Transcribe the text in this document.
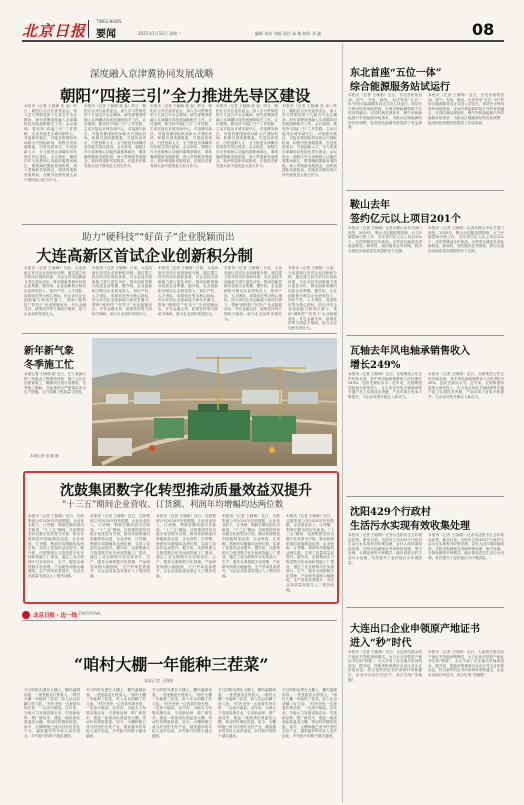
北京日报
TIMES NEWS
要闻	2021年1月12日 星期二	编辑 刘东 刘媛 责任 朱 敏 制作 刘 鑫	08
深度融入京津冀协同发展战略
朝阳“四接三引”全力推进先导区建设
本报讯（记者 王晓萌 张 炎）昨日，朝阳区召开区委常委会，深入学习贯彻党的十九届五中全会精神，研究部署深度融入京津冀协同发展战略相关工作。会议强调，要坚持“四接三引”工作思路，主动对接北京城市副中心，对接雄安新区，对接首都国际机场和大兴国际机场，积极引进高端要素，引进优质项目，引进创新人才，全力推进京津冀协同发展先导区建设。会议指出，朝阳区作为首都核心功能的重要承载区，要准确把握新发展阶段，深入贯彻新发展理念，加快构建新发展格局，在服务首都发展大局中展现更大担当作为。
本报讯（记者 王晓萌 张 炎）昨日，朝阳区召开区委常委会，深入学习贯彻党的十九届五中全会精神，研究部署深度融入京津冀协同发展战略相关工作。会议强调，要坚持“四接三引”工作思路，主动对接北京城市副中心，对接雄安新区，对接首都国际机场和大兴国际机场，积极引进高端要素，引进优质项目，引进创新人才，全力推进京津冀协同发展先导区建设。会议指出，朝阳区作为首都核心功能的重要承载区，要准确把握新发展阶段，深入贯彻新发展理念，加快构建新发展格局，在服务首都发展大局中展现更大担当作为。
本报讯（记者 王晓萌 张 炎）昨日，朝阳区召开区委常委会，深入学习贯彻党的十九届五中全会精神，研究部署深度融入京津冀协同发展战略相关工作。会议强调，要坚持“四接三引”工作思路，主动对接北京城市副中心，对接雄安新区，对接首都国际机场和大兴国际机场，积极引进高端要素，引进优质项目，引进创新人才，全力推进京津冀协同发展先导区建设。会议指出，朝阳区作为首都核心功能的重要承载区，要准确把握新发展阶段，深入贯彻新发展理念，加快构建新发展格局，在服务首都发展大局中展现更大担当作为。
本报讯（记者 王晓萌 张 炎）昨日，朝阳区召开区委常委会，深入学习贯彻党的十九届五中全会精神，研究部署深度融入京津冀协同发展战略相关工作。会议强调，要坚持“四接三引”工作思路，主动对接北京城市副中心，对接雄安新区，对接首都国际机场和大兴国际机场，积极引进高端要素，引进优质项目，引进创新人才，全力推进京津冀协同发展先导区建设。会议指出，朝阳区作为首都核心功能的重要承载区，要准确把握新发展阶段，深入贯彻新发展理念，加快构建新发展格局，在服务首都发展大局中展现更大担当作为。
本报讯（记者 王晓萌 张 炎）昨日，朝阳区召开区委常委会，深入学习贯彻党的十九届五中全会精神，研究部署深度融入京津冀协同发展战略相关工作。会议强调，要坚持“四接三引”工作思路，主动对接北京城市副中心，对接雄安新区，对接首都国际机场和大兴国际机场，积极引进高端要素，引进优质项目，引进创新人才，全力推进京津冀协同发展先导区建设。会议指出，朝阳区作为首都核心功能的重要承载区，要准确把握新发展阶段，深入贯彻新发展理念，加快构建新发展格局，在服务首都发展大局中展现更大担当作为。
助力“硬科技”“好苗子”企业脱颖而出
大连高新区首试企业创新积分制
本报讯（记者 王晓萌）日前，大连高新区首试企业创新积分制，通过建立科学的评价指标体系，对企业技术创新能力进行量化评价，推动创新资源向优质企业集聚。据介绍，企业创新积分制以企业研发投入、知识产权、人才团队、成果转化等为核心指标，综合评估企业创新能力和成长潜力，帮助“硬科技”“好苗子”企业脱颖而出，并在金融支持、政策扶持等方面给予倾斜，助力企业加快发展壮大。
本报讯（记者 王晓萌）日前，大连高新区首试企业创新积分制，通过建立科学的评价指标体系，对企业技术创新能力进行量化评价，推动创新资源向优质企业集聚。据介绍，企业创新积分制以企业研发投入、知识产权、人才团队、成果转化等为核心指标，综合评估企业创新能力和成长潜力，帮助“硬科技”“好苗子”企业脱颖而出，并在金融支持、政策扶持等方面给予倾斜，助力企业加快发展壮大。
本报讯（记者 王晓萌）日前，大连高新区首试企业创新积分制，通过建立科学的评价指标体系，对企业技术创新能力进行量化评价，推动创新资源向优质企业集聚。据介绍，企业创新积分制以企业研发投入、知识产权、人才团队、成果转化等为核心指标，综合评估企业创新能力和成长潜力，帮助“硬科技”“好苗子”企业脱颖而出，并在金融支持、政策扶持等方面给予倾斜，助力企业加快发展壮大。
本报讯（记者 王晓萌）日前，大连高新区首试企业创新积分制，通过建立科学的评价指标体系，对企业技术创新能力进行量化评价，推动创新资源向优质企业集聚。据介绍，企业创新积分制以企业研发投入、知识产权、人才团队、成果转化等为核心指标，综合评估企业创新能力和成长潜力，帮助“硬科技”“好苗子”企业脱颖而出，并在金融支持、政策扶持等方面给予倾斜，助力企业加快发展壮大。
本报讯（记者 王晓萌）日前，大连高新区首试企业创新积分制，通过建立科学的评价指标体系，对企业技术创新能力进行量化评价，推动创新资源向优质企业集聚。据介绍，企业创新积分制以企业研发投入、知识产权、人才团队、成果转化等为核心指标，综合评估企业创新能力和成长潜力，帮助“硬科技”“好苗子”企业脱颖而出，并在金融支持、政策扶持等方面给予倾斜，助力企业加快发展壮大。
新年新气象
冬季施工忙
本报记者 王晓萌 摄 近日，位于某新区的一项重点工程建设现场，施工人员正在抓紧施工，确保项目按计划推进。冬季施工期间，各参建单位严格落实安全生产措施，全力保障工程质量与进度。
本报记者 刘 斌 摄
沈鼓集团数字化转型推动质量效益双提升
“十三五”期间企业营收、订货额、利润年均增幅均达两位数
本报讯（记者 王晓萌）近日，沈鼓集团公布2020年经营数据，企业营业收入、订货额、利润总额均创历史新高。“十三五”期间，沈鼓集团坚持以数字化转型为引领，推动传统制造向智能制造迈进，企业营收、订货额、利润年均增幅均达两位数，实现了质量效益双提升。据介绍，沈鼓集团大力推进数字化车间和智能工厂建设，通过工业互联网平台实现设计、生产、服务全流程数字化管理，产品研发周期大幅缩短，生产效率显著提升，为企业高质量发展注入了强劲动能。
本报讯（记者 王晓萌）近日，沈鼓集团公布2020年经营数据，企业营业收入、订货额、利润总额均创历史新高。“十三五”期间，沈鼓集团坚持以数字化转型为引领，推动传统制造向智能制造迈进，企业营收、订货额、利润年均增幅均达两位数，实现了质量效益双提升。据介绍，沈鼓集团大力推进数字化车间和智能工厂建设，通过工业互联网平台实现设计、生产、服务全流程数字化管理，产品研发周期大幅缩短，生产效率显著提升，为企业高质量发展注入了强劲动能。
本报讯（记者 王晓萌）近日，沈鼓集团公布2020年经营数据，企业营业收入、订货额、利润总额均创历史新高。“十三五”期间，沈鼓集团坚持以数字化转型为引领，推动传统制造向智能制造迈进，企业营收、订货额、利润年均增幅均达两位数，实现了质量效益双提升。据介绍，沈鼓集团大力推进数字化车间和智能工厂建设，通过工业互联网平台实现设计、生产、服务全流程数字化管理，产品研发周期大幅缩短，生产效率显著提升，为企业高质量发展注入了强劲动能。
本报讯（记者 王晓萌）近日，沈鼓集团公布2020年经营数据，企业营业收入、订货额、利润总额均创历史新高。“十三五”期间，沈鼓集团坚持以数字化转型为引领，推动传统制造向智能制造迈进，企业营收、订货额、利润年均增幅均达两位数，实现了质量效益双提升。据介绍，沈鼓集团大力推进数字化车间和智能工厂建设，通过工业互联网平台实现设计、生产、服务全流程数字化管理，产品研发周期大幅缩短，生产效率显著提升，为企业高质量发展注入了强劲动能。
本报讯（记者 王晓萌）近日，沈鼓集团公布2020年经营数据，企业营业收入、订货额、利润总额均创历史新高。“十三五”期间，沈鼓集团坚持以数字化转型为引领，推动传统制造向智能制造迈进，企业营收、订货额、利润年均增幅均达两位数，实现了质量效益双提升。据介绍，沈鼓集团大力推进数字化车间和智能工厂建设，通过工业互联网平台实现设计、生产、服务全流程数字化管理，产品研发周期大幅缩短，生产效率显著提升，为企业高质量发展注入了强劲动能。
北京日报・边一线 ZAIYIXIAN
“咱村大棚一年能种三茬菜”
本报记者 王晓萌
冬日的阳光洒在大棚上，棚内温暖如春，一垄垄蔬菜长势喜人。“咱村大棚一年能种三茬菜，收入比以前翻了好几倍。”村民老张一边查看作物长势，一边高兴地说。近年来，当地大力发展设施农业，引进新品种、推广新技术，建起一座座高标准温室大棚，带动村民增收致富。如今，大棚种植已成为村里的支柱产业，越来越多的年轻人返乡创业，乡村振兴的路子越走越宽。
冬日的阳光洒在大棚上，棚内温暖如春，一垄垄蔬菜长势喜人。“咱村大棚一年能种三茬菜，收入比以前翻了好几倍。”村民老张一边查看作物长势，一边高兴地说。近年来，当地大力发展设施农业，引进新品种、推广新技术，建起一座座高标准温室大棚，带动村民增收致富。如今，大棚种植已成为村里的支柱产业，越来越多的年轻人返乡创业，乡村振兴的路子越走越宽。
冬日的阳光洒在大棚上，棚内温暖如春，一垄垄蔬菜长势喜人。“咱村大棚一年能种三茬菜，收入比以前翻了好几倍。”村民老张一边查看作物长势，一边高兴地说。近年来，当地大力发展设施农业，引进新品种、推广新技术，建起一座座高标准温室大棚，带动村民增收致富。如今，大棚种植已成为村里的支柱产业，越来越多的年轻人返乡创业，乡村振兴的路子越走越宽。
冬日的阳光洒在大棚上，棚内温暖如春，一垄垄蔬菜长势喜人。“咱村大棚一年能种三茬菜，收入比以前翻了好几倍。”村民老张一边查看作物长势，一边高兴地说。近年来，当地大力发展设施农业，引进新品种、推广新技术，建起一座座高标准温室大棚，带动村民增收致富。如今，大棚种植已成为村里的支柱产业，越来越多的年轻人返乡创业，乡村振兴的路子越走越宽。
冬日的阳光洒在大棚上，棚内温暖如春，一垄垄蔬菜长势喜人。“咱村大棚一年能种三茬菜，收入比以前翻了好几倍。”村民老张一边查看作物长势，一边高兴地说。近年来，当地大力发展设施农业，引进新品种、推广新技术，建起一座座高标准温室大棚，带动村民增收致富。如今，大棚种植已成为村里的支柱产业，越来越多的年轻人返乡创业，乡村振兴的路子越走越宽。
东北首座“五位一体”
综合能源服务站试运行
本报讯（记者 王晓萌）近日，东北首座集加油、加气、充电、换电、光伏发电“五位一体”的综合能源服务站正式投入试运行。该站充分利用现有场地资源，实现多种能源供给方式的有机融合，可同时满足燃油车、燃气车和新能源汽车的能源补给需求，为推动区域能源结构优化调整、促进绿色低碳发展提供了有益探索。
本报讯（记者 王晓萌）近日，东北首座集加油、加气、充电、换电、光伏发电“五位一体”的综合能源服务站正式投入试运行。该站充分利用现有场地资源，实现多种能源供给方式的有机融合，可同时满足燃油车、燃气车和新能源汽车的能源补给需求，为推动区域能源结构优化调整、促进绿色低碳发展提供了有益探索。
鞍山去年
签约亿元以上项目201个
本报讯（记者 王晓萌）记者从鞍山市有关部门获悉，2020年，鞍山市克服疫情影响，大力开展招商引资工作，全年签约亿元以上项目201个，总投资额创近年新高。这些项目涵盖先进装备制造、新材料、现代服务业等领域，将为当地经济高质量发展提供有力支撑。
本报讯（记者 王晓萌）记者从鞍山市有关部门获悉，2020年，鞍山市克服疫情影响，大力开展招商引资工作，全年签约亿元以上项目201个，总投资额创近年新高。这些项目涵盖先进装备制造、新材料、现代服务业等领域，将为当地经济高质量发展提供有力支撑。
瓦轴去年风电轴承销售收入
增长249%
本报讯（记者 王晓萌）近日，瓦轴集团公布去年经营业绩，其中风电轴承销售收入同比增长249%，创历史最好水平。近年来，瓦轴集团持续加大研发投入，在大兆瓦风电主轴轴承等关键产品上实现技术突破，产品市场占有率不断提升，为企业转型升级注入新动力。
本报讯（记者 王晓萌）近日，瓦轴集团公布去年经营业绩，其中风电轴承销售收入同比增长249%，创历史最好水平。近年来，瓦轴集团持续加大研发投入，在大兆瓦风电主轴轴承等关键产品上实现技术突破，产品市场占有率不断提升，为企业转型升级注入新动力。
沈阳429个行政村
生活污水实现有效收集处理
本报讯（记者 王晓萌）记者从沈阳市生态环境局获悉，截至目前，沈阳市已有429个行政村生活污水实现有效收集处理，农村人居环境持续改善。沈阳市因地制宜采取纳管处理、集中处理、分散处理等多种模式，稳步推进农村生活污水治理，有效提升了农村地区水环境质量。
本报讯（记者 王晓萌）记者从沈阳市生态环境局获悉，截至目前，沈阳市已有429个行政村生活污水实现有效收集处理，农村人居环境持续改善。沈阳市因地制宜采取纳管处理、集中处理、分散处理等多种模式，稳步推进农村生活污水治理，有效提升了农村地区水环境质量。
大连出口企业申领原产地证书
进入“秒”时代
本报讯（记者 王晓萌）近日，大连海关推出原产地证书智能审核模式，出口企业申领原产地证书实现“秒批”，大大节省了企业通关时间和成本。据介绍，智能审核系统可自动比对企业申报信息，符合条件的证书申请即时审核通过，企业可自助打印证书，真正实现“零跑腿”。
本报讯（记者 王晓萌）近日，大连海关推出原产地证书智能审核模式，出口企业申领原产地证书实现“秒批”，大大节省了企业通关时间和成本。据介绍，智能审核系统可自动比对企业申报信息，符合条件的证书申请即时审核通过，企业可自助打印证书，真正实现“零跑腿”。
